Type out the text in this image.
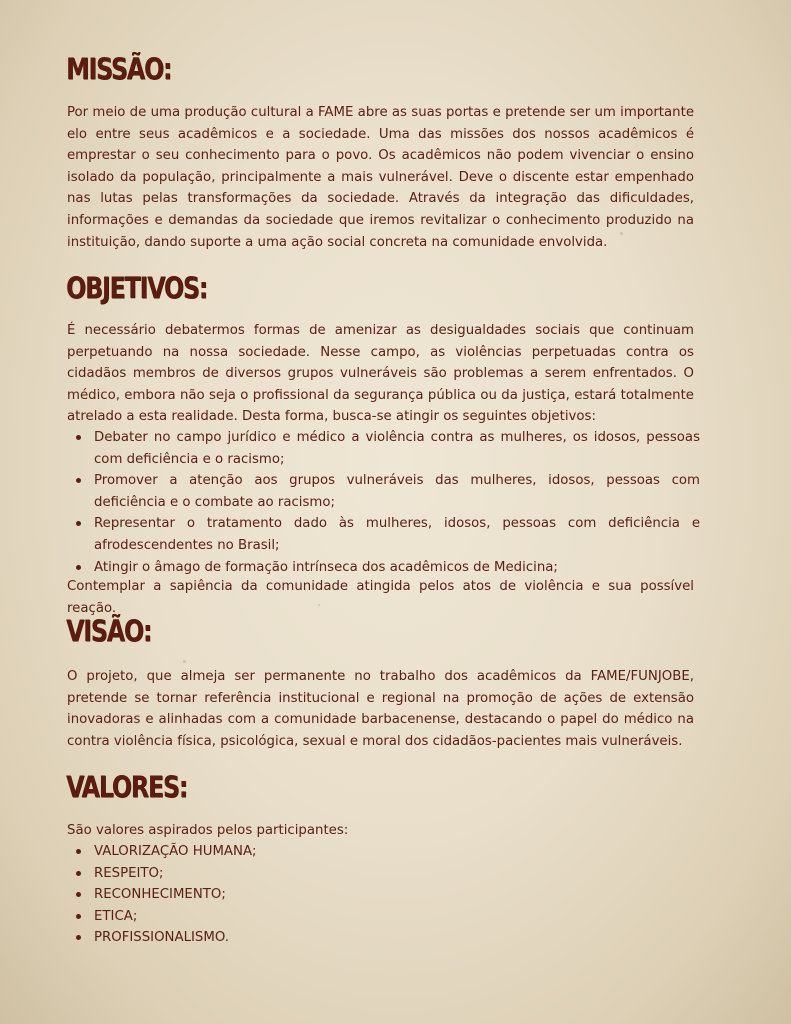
MISSÃO:

Por meio de uma produção cultural a FAME abre as suas portas e pretende ser um importante elo entre seus acadêmicos e a sociedade. Uma das missões dos nossos acadêmicos é emprestar o seu conhecimento para o povo. Os acadêmicos não podem vivenciar o ensino isolado da população, principalmente a mais vulnerável. Deve o discente estar empenhado nas lutas pelas transformações da sociedade. Através da integração das dificuldades, informações e demandas da sociedade que iremos revitalizar o conhecimento produzido na instituição, dando suporte a uma ação social concreta na comunidade envolvida.

OBJETIVOS:

É necessário debatermos formas de amenizar as desigualdades sociais que continuam perpetuando na nossa sociedade. Nesse campo, as violências perpetuadas contra os cidadãos membros de diversos grupos vulneráveis são problemas a serem enfrentados. O médico, embora não seja o profissional da segurança pública ou da justiça, estará totalmente atrelado a esta realidade. Desta forma, busca-se atingir os seguintes objetivos:

Debater no campo jurídico e médico a violência contra as mulheres, os idosos, pessoas com deficiência e o racismo;
Promover a atenção aos grupos vulneráveis das mulheres, idosos, pessoas com deficiência e o combate ao racismo;
Representar o tratamento dado às mulheres, idosos, pessoas com deficiência e afrodescendentes no Brasil;
Atingir o âmago de formação intrínseca dos acadêmicos de Medicina;

Contemplar a sapiência da comunidade atingida pelos atos de violência e sua possível reação.

VISÃO:

O projeto, que almeja ser permanente no trabalho dos acadêmicos da FAME/FUNJOBE, pretende se tornar referência institucional e regional na promoção de ações de extensão inovadoras e alinhadas com a comunidade barbacenense, destacando o papel do médico na contra violência física, psicológica, sexual e moral dos cidadãos-pacientes mais vulneráveis.

VALORES:

São valores aspirados pelos participantes:

VALORIZAÇÃO HUMANA;
RESPEITO;
RECONHECIMENTO;
ETICA;
PROFISSIONALISMO.
